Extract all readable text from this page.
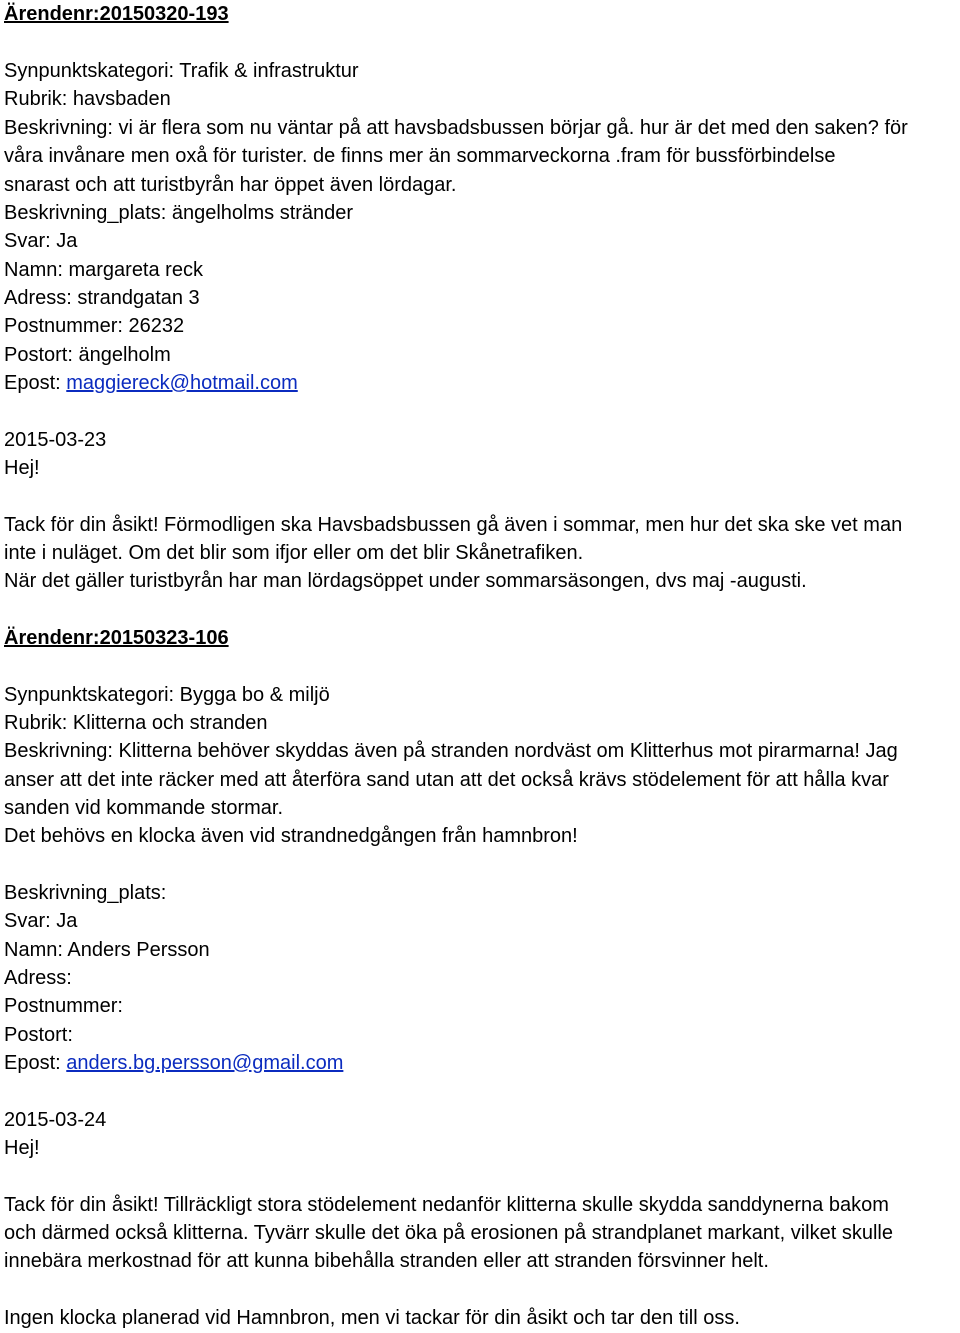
Ärendenr:20150320-193
Synpunktskategori: Trafik & infrastruktur
Rubrik: havsbaden
Beskrivning: vi är flera som nu väntar på att havsbadsbussen börjar gå. hur är det med den saken? för
våra invånare men oxå för turister. de finns mer än sommarveckorna .fram för bussförbindelse
snarast och att turistbyrån har öppet även lördagar.
Beskrivning_plats: ängelholms stränder
Svar: Ja
Namn: margareta reck
Adress: strandgatan 3
Postnummer: 26232
Postort: ängelholm
Epost: maggiereck@hotmail.com
2015-03-23
Hej!
Tack för din åsikt! Förmodligen ska Havsbadsbussen gå även i sommar, men hur det ska ske vet man
inte i nuläget. Om det blir som ifjor eller om det blir Skånetrafiken.
När det gäller turistbyrån har man lördagsöppet under sommarsäsongen, dvs maj -augusti.
Ärendenr:20150323-106
Synpunktskategori: Bygga bo & miljö
Rubrik: Klitterna och stranden
Beskrivning: Klitterna behöver skyddas även på stranden nordväst om Klitterhus mot pirarmarna! Jag
anser att det inte räcker med att återföra sand utan att det också krävs stödelement för att hålla kvar
sanden vid kommande stormar.
Det behövs en klocka även vid strandnedgången från hamnbron!
Beskrivning_plats:
Svar: Ja
Namn: Anders Persson
Adress:
Postnummer:
Postort:
Epost: anders.bg.persson@gmail.com
2015-03-24
Hej!
Tack för din åsikt! Tillräckligt stora stödelement nedanför klitterna skulle skydda sanddynerna bakom
och därmed också klitterna. Tyvärr skulle det öka på erosionen på strandplanet markant, vilket skulle
innebära merkostnad för att kunna bibehålla stranden eller att stranden försvinner helt.
Ingen klocka planerad vid Hamnbron, men vi tackar för din åsikt och tar den till oss.
